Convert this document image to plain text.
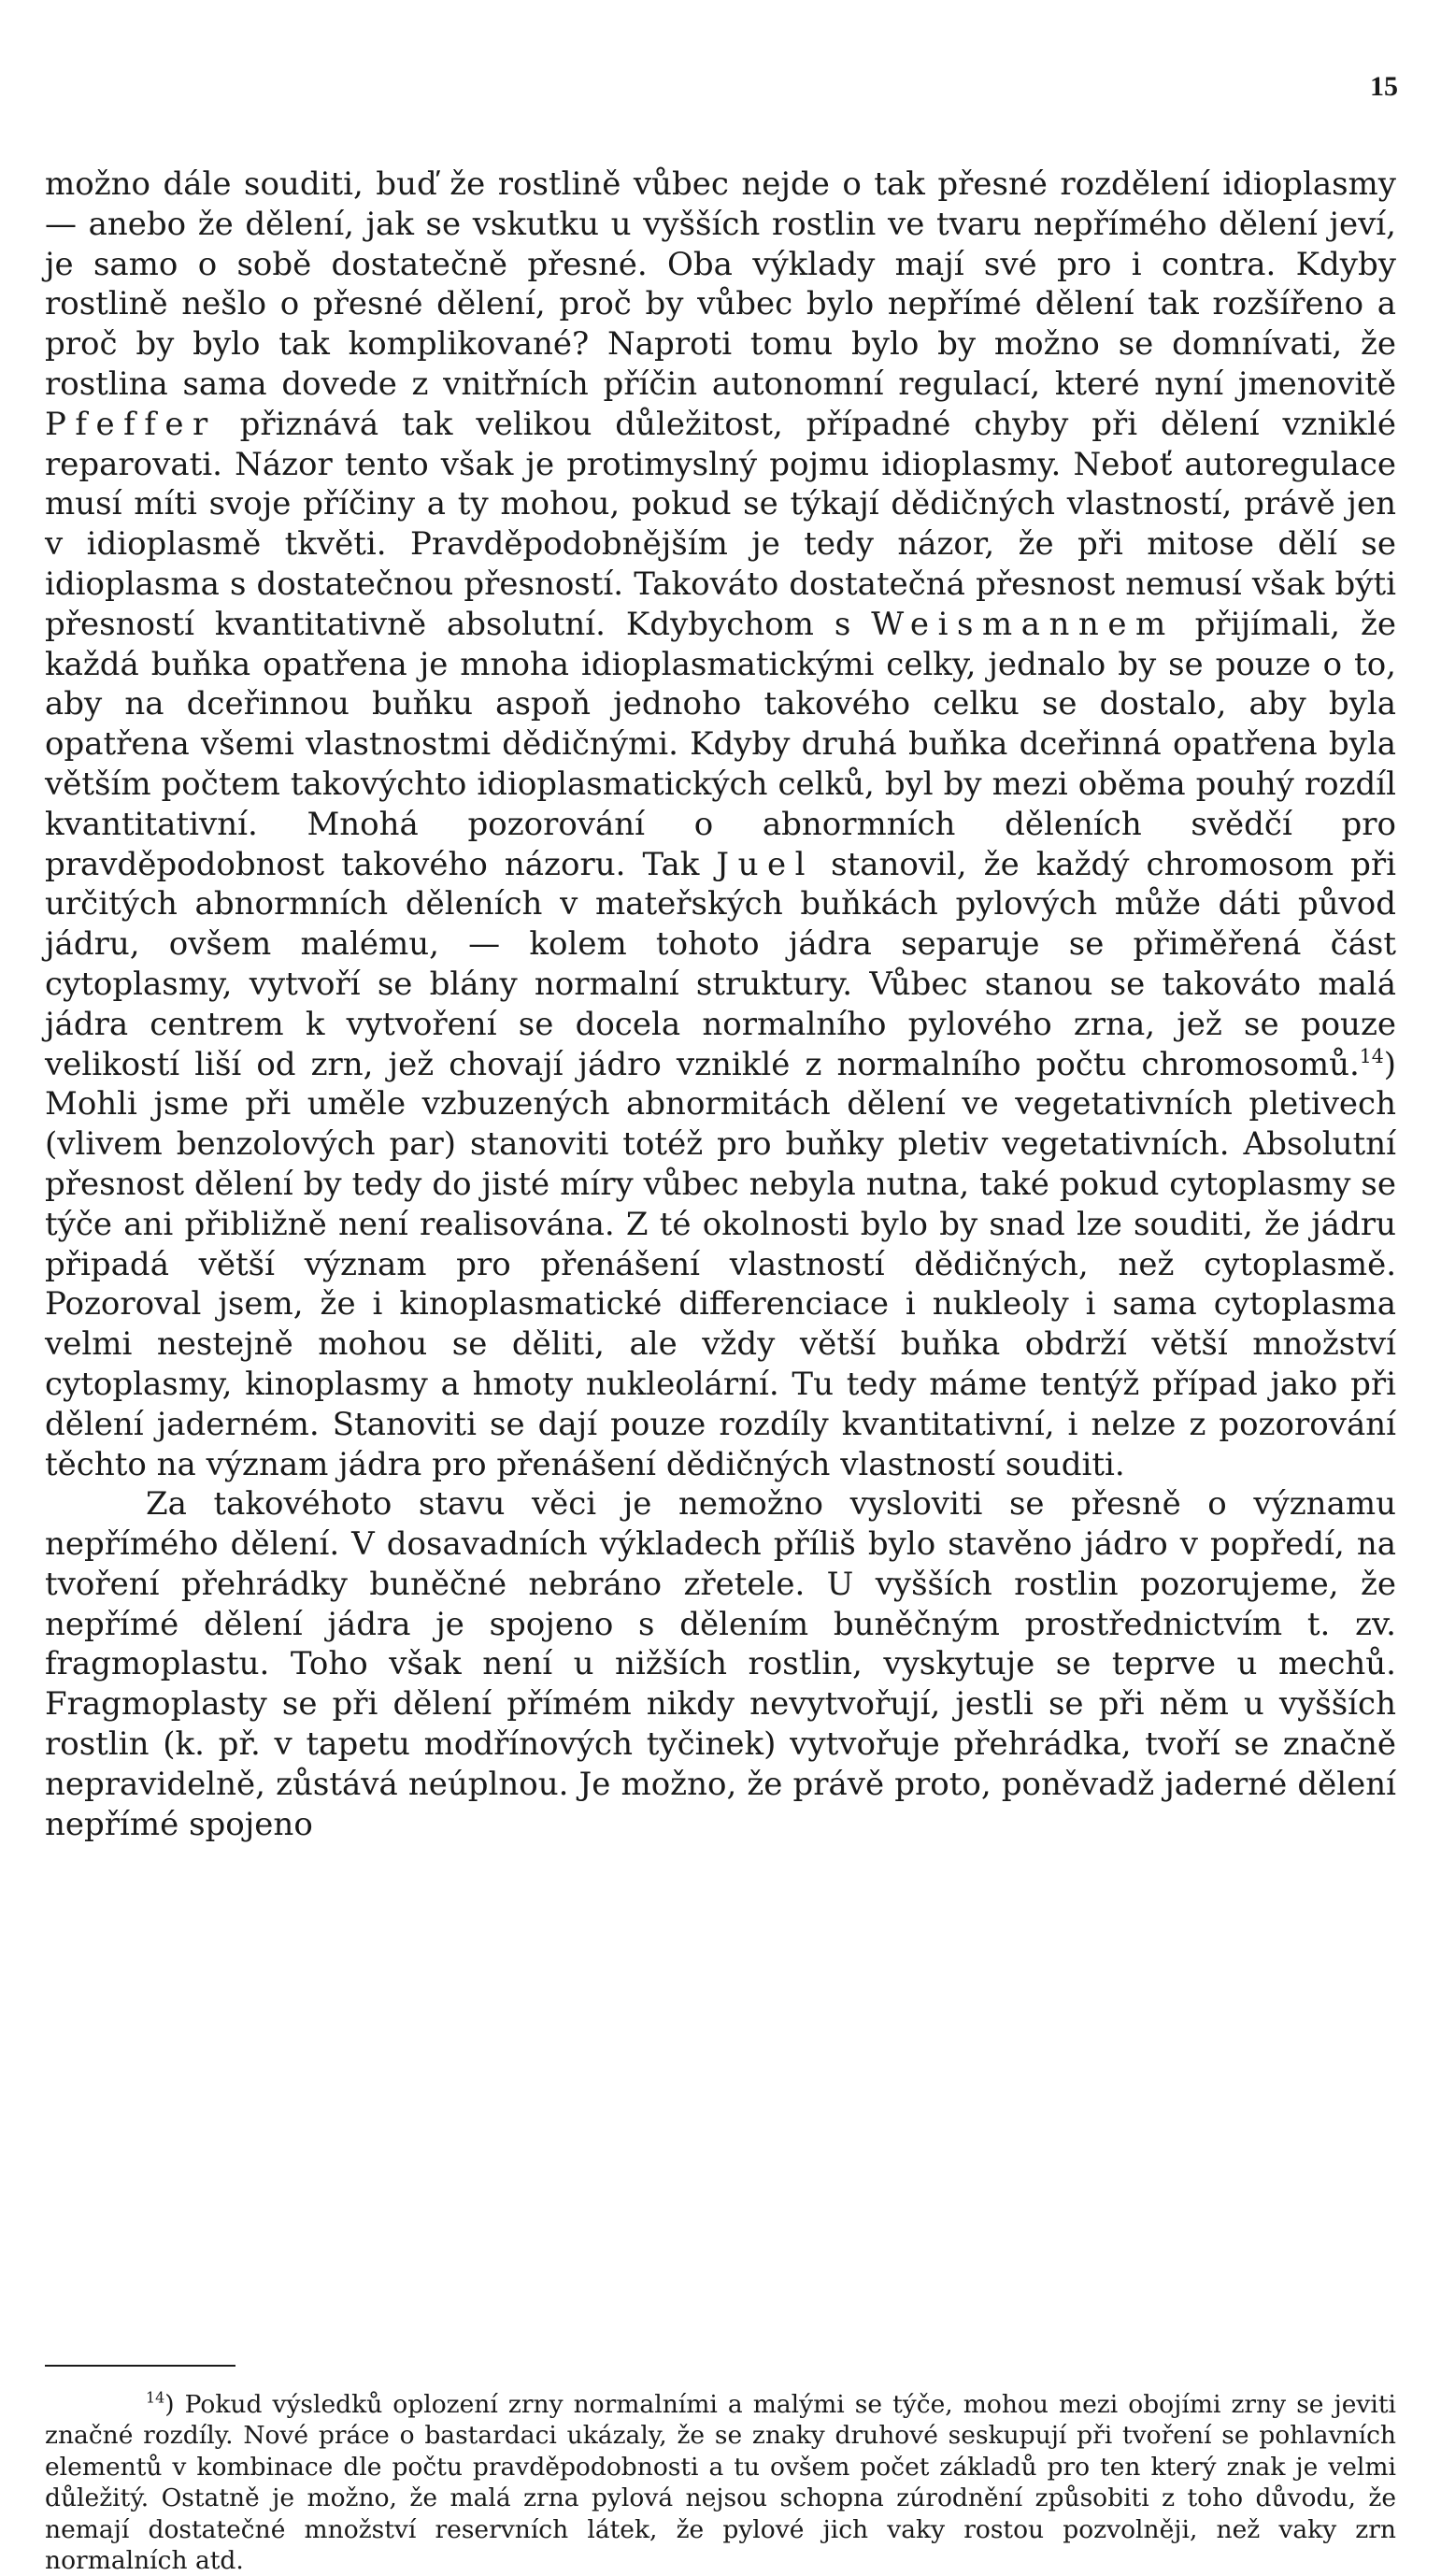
15

možno dále souditi, buď že rostlině vůbec nejde o tak přesné rozdělení idioplasmy — anebo že dělení, jak se vskutku u vyšších rostlin ve tvaru nepřímého dělení jeví, je samo o sobě dostatečně přesné. Oba výklady mají své pro i contra. Kdyby rostlině nešlo o přesné dělení, proč by vůbec bylo nepřímé dělení tak rozšířeno a proč by bylo tak komplikované? Naproti tomu bylo by možno se domnívati, že rostlina sama dovede z vnitřních příčin autonomní regulací, které nyní jmenovitě Pfeffer přiznává tak velikou důležitost, případné chyby při dělení vzniklé reparovati. Názor tento však je protimyslný pojmu idioplasmy. Neboť autoregulace musí míti svoje příčiny a ty mohou, pokud se týkají dědičných vlastností, právě jen v idioplasmě tkvěti. Pravděpodobnějším je tedy názor, že při mitose dělí se idioplasma s dostatečnou přesností. Takováto dostatečná přesnost nemusí však býti přesností kvantitativně absolutní. Kdybychom s Weismannem přijímali, že každá buňka opatřena je mnoha idioplasmatickými celky, jednalo by se pouze o to, aby na dceřinnou buňku aspoň jednoho takového celku se dostalo, aby byla opatřena všemi vlastnostmi dědičnými. Kdyby druhá buňka dceřinná opatřena byla větším počtem takovýchto idioplasmatických celků, byl by mezi oběma pouhý rozdíl kvantitativní. Mnohá pozorování o abnormních děleních svědčí pro pravděpodobnost takového názoru. Tak Juel stanovil, že každý chromosom při určitých abnormních děleních v mateřských buňkách pylových může dáti původ jádru, ovšem malému, — kolem tohoto jádra separuje se přiměřená část cytoplasmy, vytvoří se blány normalní struktury. Vůbec stanou se takováto malá jádra centrem k vytvoření se docela normalního pylového zrna, jež se pouze velikostí liší od zrn, jež chovají jádro vzniklé z normalního počtu chromosomů.$^{14}$) Mohli jsme při uměle vzbuzených abnormitách dělení ve vegetativních pletivech (vlivem benzolových par) stanoviti totéž pro buňky pletiv vegetativních. Absolutní přesnost dělení by tedy do jisté míry vůbec nebyla nutna, také pokud cytoplasmy se týče ani přibližně není realisována. Z té okolnosti bylo by snad lze souditi, že jádru připadá větší význam pro přenášení vlastností dědičných, než cytoplasmě. Pozoroval jsem, že i kinoplasmatické differenciace i nukleoly i sama cytoplasma velmi nestejně mohou se děliti, ale vždy větší buňka obdrží větší množství cytoplasmy, kinoplasmy a hmoty nukleolární. Tu tedy máme tentýž případ jako při dělení jaderném. Stanoviti se dají pouze rozdíly kvantitativní, i nelze z pozorování těchto na význam jádra pro přenášení dědičných vlastností souditi.

Za takovéhoto stavu věci je nemožno vysloviti se přesně o významu nepřímého dělení. V dosavadních výkladech příliš bylo stavěno jádro v popředí, na tvoření přehrádky buněčné nebráno zřetele. U vyšších rostlin pozorujeme, že nepřímé dělení jádra je spojeno s dělením buněčným prostřednictvím t. zv. fragmoplastu. Toho však není u nižších rostlin, vyskytuje se teprve u mechů. Fragmoplasty se při dělení přímém nikdy nevytvořují, jestli se při něm u vyšších rostlin (k. př. v tapetu modřínových tyčinek) vytvořuje přehrádka, tvoří se značně nepravidelně, zůstává neúplnou. Je možno, že právě proto, poněvadž jaderné dělení nepřímé spojeno

$^{14}$) Pokud výsledků oplození zrny normalními a malými se týče, mohou mezi obojími zrny se jeviti značné rozdíly. Nové práce o bastardaci ukázaly, že se znaky druhové seskupují při tvoření se pohlavních elementů v kombinace dle počtu pravděpodobnosti a tu ovšem počet základů pro ten který znak je velmi důležitý. Ostatně je možno, že malá zrna pylová nejsou schopna zúrodnění způsobiti z toho důvodu, že nemají dostatečné množství reservních látek, že pylové jich vaky rostou pozvolněji, než vaky zrn normalních atd.
